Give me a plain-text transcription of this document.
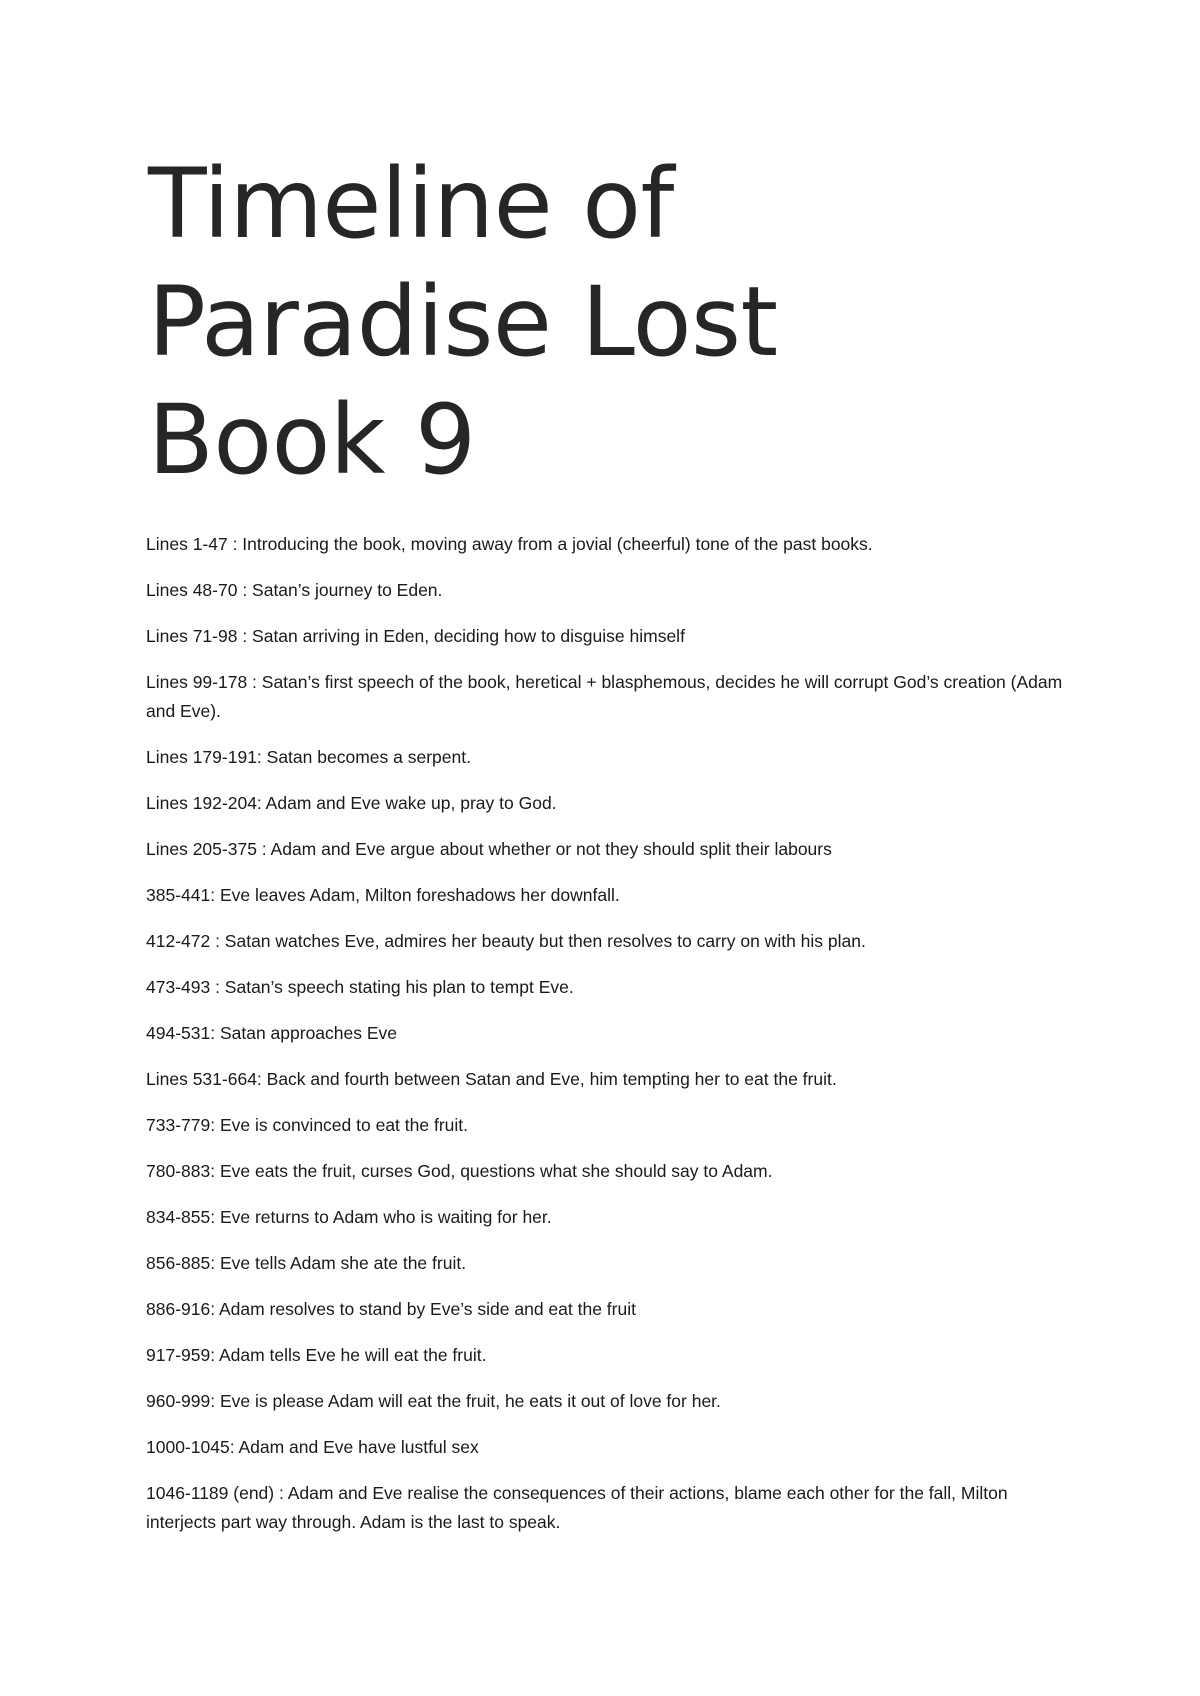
Timeline of
Paradise Lost
Book 9
Lines 1-47 : Introducing the book, moving away from a jovial (cheerful) tone of the past books.
Lines 48-70 : Satan’s journey to Eden.
Lines 71-98 : Satan arriving in Eden, deciding how to disguise himself
Lines 99-178 : Satan’s first speech of the book, heretical + blasphemous, decides he will corrupt God’s creation (Adam and Eve).
Lines 179-191: Satan becomes a serpent.
Lines 192-204: Adam and Eve wake up, pray to God.
Lines 205-375 : Adam and Eve argue about whether or not they should split their labours
385-441: Eve leaves Adam, Milton foreshadows her downfall.
412-472 : Satan watches Eve, admires her beauty but then resolves to carry on with his plan.
473-493 : Satan’s speech stating his plan to tempt Eve.
494-531: Satan approaches Eve
Lines 531-664: Back and fourth between Satan and Eve, him tempting her to eat the fruit.
733-779: Eve is convinced to eat the fruit.
780-883: Eve eats the fruit, curses God, questions what she should say to Adam.
834-855: Eve returns to Adam who is waiting for her.
856-885: Eve tells Adam she ate the fruit.
886-916: Adam resolves to stand by Eve’s side and eat the fruit
917-959: Adam tells Eve he will eat the fruit.
960-999: Eve is please Adam will eat the fruit, he eats it out of love for her.
1000-1045: Adam and Eve have lustful sex
1046-1189 (end) : Adam and Eve realise the consequences of their actions, blame each other for the fall, Milton interjects part way through. Adam is the last to speak.
